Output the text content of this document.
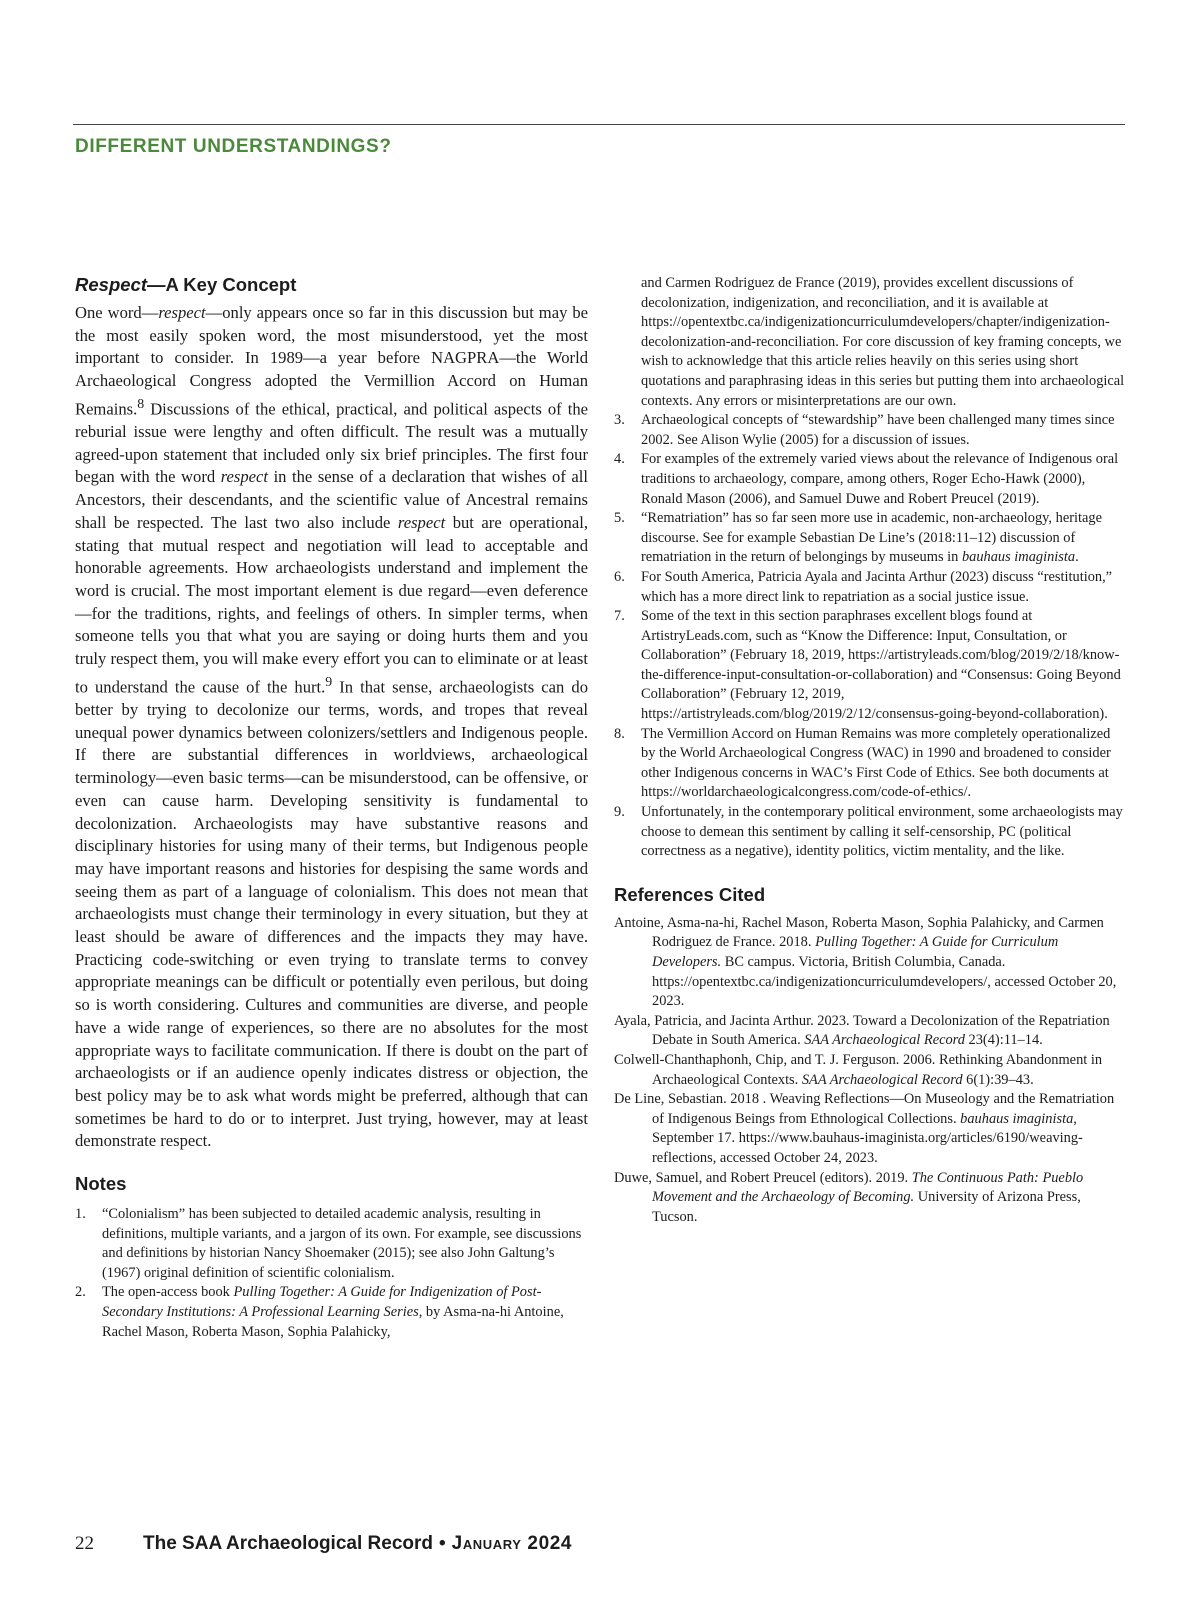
DIFFERENT UNDERSTANDINGS?
Respect—A Key Concept

One word—respect—only appears once so far in this discussion but may be the most easily spoken word, the most misunderstood, yet the most important to consider. In 1989—a year before NAGPRA—the World Archaeological Congress adopted the Vermillion Accord on Human Remains.$^8$ Discussions of the ethical, practical, and political aspects of the reburial issue were lengthy and often difficult. The result was a mutually agreed-upon statement that included only six brief principles. The first four began with the word respect in the sense of a declaration that wishes of all Ancestors, their descendants, and the scientific value of Ancestral remains shall be respected. The last two also include respect but are operational, stating that mutual respect and negotiation will lead to acceptable and honorable agreements. How archaeologists understand and implement the word is crucial. The most important element is due regard—even deference—for the traditions, rights, and feelings of others. In simpler terms, when someone tells you that what you are saying or doing hurts them and you truly respect them, you will make every effort you can to eliminate or at least to understand the cause of the hurt.$^9$ In that sense, archaeologists can do better by trying to decolonize our terms, words, and tropes that reveal unequal power dynamics between colonizers/settlers and Indigenous people. If there are substantial differences in worldviews, archaeological terminology—even basic terms—can be misunderstood, can be offensive, or even can cause harm. Developing sensitivity is fundamental to decolonization. Archaeologists may have substantive reasons and disciplinary histories for using many of their terms, but Indigenous people may have important reasons and histories for despising the same words and seeing them as part of a language of colonialism. This does not mean that archaeologists must change their terminology in every situation, but they at least should be aware of differences and the impacts they may have. Practicing code-switching or even trying to translate terms to convey appropriate meanings can be difficult or potentially even perilous, but doing so is worth considering. Cultures and communities are diverse, and people have a wide range of experiences, so there are no absolutes for the most appropriate ways to facilitate communication. If there is doubt on the part of archaeologists or if an audience openly indicates distress or objection, the best policy may be to ask what words might be preferred, although that can sometimes be hard to do or to interpret. Just trying, however, may at least demonstrate respect.

Notes

1. “Colonialism” has been subjected to detailed academic analysis, resulting in definitions, multiple variants, and a jargon of its own. For example, see discussions and definitions by historian Nancy Shoemaker (2015); see also John Galtung’s (1967) original definition of scientific colonialism.

2. The open-access book Pulling Together: A Guide for Indigenization of Post-Secondary Institutions: A Professional Learning Series, by Asma-na-hi Antoine, Rachel Mason, Roberta Mason, Sophia Palahicky,

and Carmen Rodriguez de France (2019), provides excellent discussions of decolonization, indigenization, and reconciliation, and it is available at https://opentextbc.ca/indigenizationcurriculumdevelopers/chapter/indigenization-decolonization-and-reconciliation. For core discussion of key framing concepts, we wish to acknowledge that this article relies heavily on this series using short quotations and paraphrasing ideas in this series but putting them into archaeological contexts. Any errors or misinterpretations are our own.

3. Archaeological concepts of “stewardship” have been challenged many times since 2002. See Alison Wylie (2005) for a discussion of issues.

4. For examples of the extremely varied views about the relevance of Indigenous oral traditions to archaeology, compare, among others, Roger Echo-Hawk (2000), Ronald Mason (2006), and Samuel Duwe and Robert Preucel (2019).

5. “Rematriation” has so far seen more use in academic, non-archaeology, heritage discourse. See for example Sebastian De Line’s (2018:11–12) discussion of rematriation in the return of belongings by museums in bauhaus imaginista.

6. For South America, Patricia Ayala and Jacinta Arthur (2023) discuss “restitution,” which has a more direct link to repatriation as a social justice issue.

7. Some of the text in this section paraphrases excellent blogs found at ArtistryLeads.com, such as “Know the Difference: Input, Consultation, or Collaboration” (February 18, 2019, https://artistryleads.com/blog/2019/2/18/know-the-difference-input-consultation-or-collaboration) and “Consensus: Going Beyond Collaboration” (February 12, 2019, https://artistryleads.com/blog/2019/2/12/consensus-going-beyond-collaboration).

8. The Vermillion Accord on Human Remains was more completely operationalized by the World Archaeological Congress (WAC) in 1990 and broadened to consider other Indigenous concerns in WAC’s First Code of Ethics. See both documents at https://worldarchaeologicalcongress.com/code-of-ethics/.

9. Unfortunately, in the contemporary political environment, some archaeologists may choose to demean this sentiment by calling it self-censorship, PC (political correctness as a negative), identity politics, victim mentality, and the like.

References Cited

Antoine, Asma-na-hi, Rachel Mason, Roberta Mason, Sophia Palahicky, and Carmen Rodriguez de France. 2018. Pulling Together: A Guide for Curriculum Developers. BC campus. Victoria, British Columbia, Canada. https://opentextbc.ca/indigenizationcurriculumdevelopers/, accessed October 20, 2023.

Ayala, Patricia, and Jacinta Arthur. 2023. Toward a Decolonization of the Repatriation Debate in South America. SAA Archaeological Record 23(4):11–14.

Colwell-Chanthaphonh, Chip, and T. J. Ferguson. 2006. Rethinking Abandonment in Archaeological Contexts. SAA Archaeological Record 6(1):39–43.

De Line, Sebastian. 2018 . Weaving Reflections—On Museology and the Rematriation of Indigenous Beings from Ethnological Collections. bauhaus imaginista, September 17. https://www.bauhaus-imaginista.org/articles/6190/weaving-reflections, accessed October 24, 2023.

Duwe, Samuel, and Robert Preucel (editors). 2019. The Continuous Path: Pueblo Movement and the Archaeology of Becoming. University of Arizona Press, Tucson.

22	The SAA Archaeological Record • January 2024
